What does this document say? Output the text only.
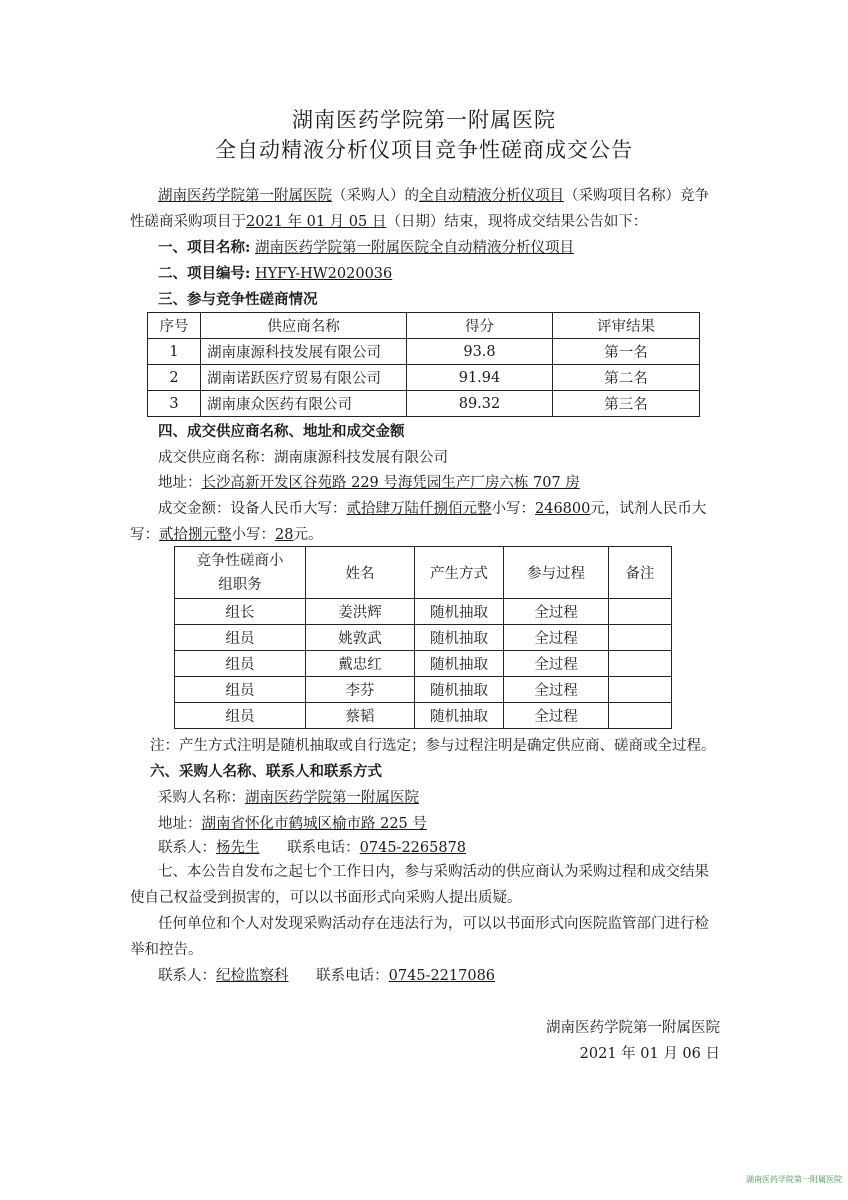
湖南医药学院第一附属医院
全自动精液分析仪项目竞争性磋商成交公告
湖南医药学院第一附属医院（采购人）的全自动精液分析仪项目（采购项目名称）竞争
性磋商采购项目于2021 年 01 月 05 日（日期）结束，现将成交结果公告如下：
一、项目名称: 湖南医药学院第一附属医院全自动精液分析仪项目
二、项目编号: HYFY-HW2020036
三、参与竞争性磋商情况
序号	供应商名称	得分	评审结果
1	湖南康源科技发展有限公司	93.8	第一名
2	湖南诺跃医疗贸易有限公司	91.94	第二名
3	湖南康众医药有限公司	89.32	第三名
四、成交供应商名称、地址和成交金额
成交供应商名称：湖南康源科技发展有限公司
地址：长沙高新开发区谷苑路 229 号海凭园生产厂房六栋 707 房
成交金额：设备人民币大写：贰拾肆万陆仟捌佰元整小写：246800元，试剂人民币大
写：贰拾捌元整小写：28元。
竞争性磋商小
组职务	姓名	产生方式	参与过程	备注
组长	姜洪辉	随机抽取	全过程	
组员	姚敦武	随机抽取	全过程	
组员	戴忠红	随机抽取	全过程	
组员	李芬	随机抽取	全过程	
组员	蔡韬	随机抽取	全过程	
注：产生方式注明是随机抽取或自行选定；参与过程注明是确定供应商、磋商或全过程。
六、采购人名称、联系人和联系方式
采购人名称：湖南医药学院第一附属医院
地址：湖南省怀化市鹤城区榆市路 225 号
联系人：杨先生 联系电话：0745-2265878
七、本公告自发布之起七个工作日内，参与采购活动的供应商认为采购过程和成交结果
使自己权益受到损害的，可以以书面形式向采购人提出质疑。
任何单位和个人对发现采购活动存在违法行为，可以以书面形式向医院监管部门进行检
举和控告。
联系人：纪检监察科 联系电话：0745-2217086
湖南医药学院第一附属医院
2021 年 01 月 06 日
湖南医药学院第一附属医院
